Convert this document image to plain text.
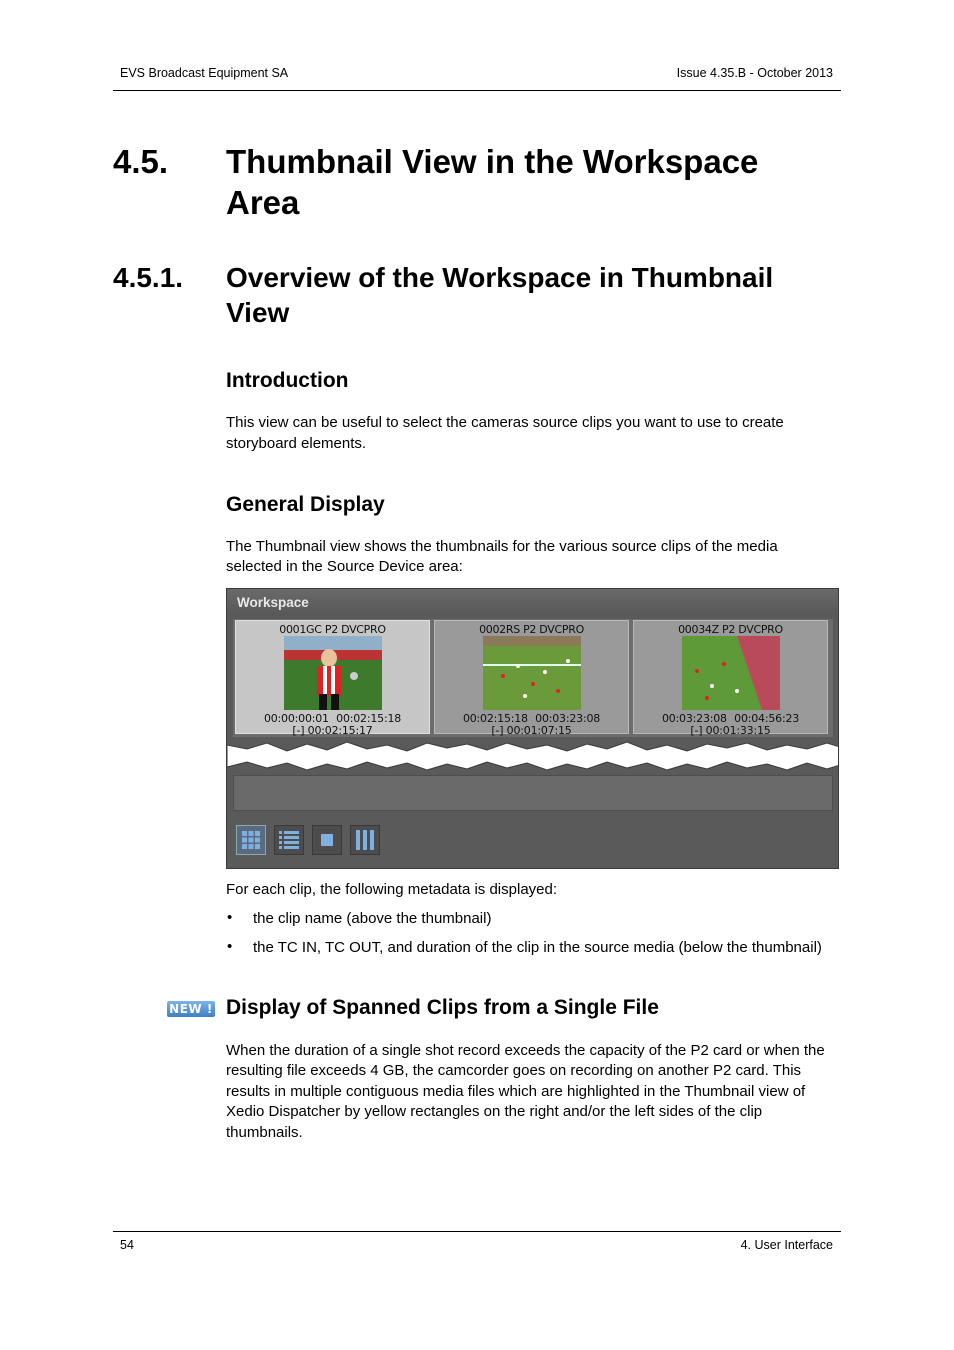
EVS Broadcast Equipment SA	Issue 4.35.B - October 2013
4.5. Thumbnail View in the Workspace
Area
4.5.1. Overview of the Workspace in Thumbnail
View
Introduction
This view can be useful to select the cameras source clips you want to use to create
storyboard elements.
General Display
The Thumbnail view shows the thumbnails for the various source clips of the media
selected in the Source Device area:
Workspace
0001GC P2 DVCPRO
00:00:00:01 00:02:15:18
[-] 00:02:15:17
0002RS P2 DVCPRO
00:02:15:18 00:03:23:08
[-] 00:01:07:15
00034Z P2 DVCPRO
00:03:23:08 00:04:56:23
[-] 00:01:33:15
For each clip, the following metadata is displayed:
• the clip name (above the thumbnail)
• the TC IN, TC OUT, and duration of the clip in the source media (below the thumbnail)
NEW ! Display of Spanned Clips from a Single File
When the duration of a single shot record exceeds the capacity of the P2 card or when the
resulting file exceeds 4 GB, the camcorder goes on recording on another P2 card. This
results in multiple contiguous media files which are highlighted in the Thumbnail view of
Xedio Dispatcher by yellow rectangles on the right and/or the left sides of the clip
thumbnails.
54	4. User Interface
